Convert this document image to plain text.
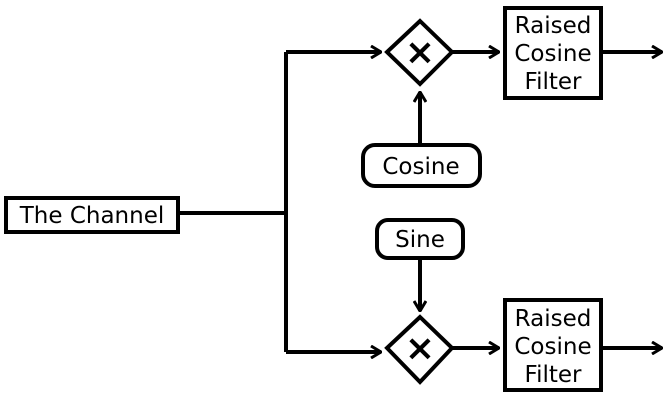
×
×
The Channel
Cosine
Sine
Raised
Cosine
Filter
Raised
Cosine
Filter
